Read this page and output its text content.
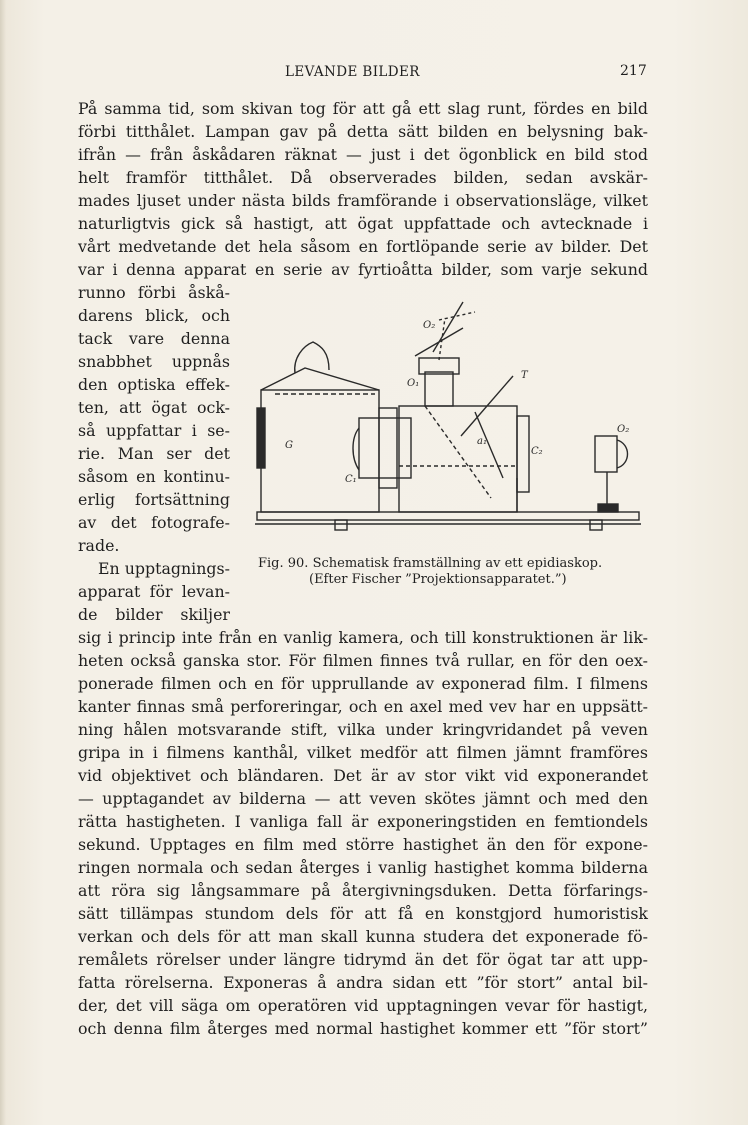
LEVANDE BILDER	217
På samma tid, som skivan tog för att gå ett slag runt, fördes en bild
förbi titthålet. Lampan gav på detta sätt bilden en belysning bak-
ifrån — från åskådaren räknat — just i det ögonblick en bild stod
helt framför titthålet. Då observerades bilden, sedan avskär-
mades ljuset under nästa bilds framförande i observationsläge, vilket
naturligtvis gick så hastigt, att ögat uppfattade och avtecknade i
vårt medvetande det hela såsom en fortlöpande serie av bilder. Det
var i denna apparat en serie av fyrtioåtta bilder, som varje sekund
runno förbi åskå-
darens blick, och
tack vare denna
snabbhet uppnås
den optiska effek-
ten, att ögat ock-
så uppfattar i se-
rie. Man ser det
såsom en kontinu-
erlig fortsättning
av det fotografe-
rade.
En upptagnings-
apparat för levan-
de bilder skiljer
G
C₁
C₂
O₁
O₂
O₂
a₁
T
Fig. 90. Schematisk framställning av ett epidiaskop.
(Efter Fischer ”Projektionsapparatet.”)
sig i princip inte från en vanlig kamera, och till konstruktionen är lik-
heten också ganska stor. För filmen finnes två rullar, en för den oex-
ponerade filmen och en för upprullande av exponerad film. I filmens
kanter finnas små perforeringar, och en axel med vev har en uppsätt-
ning hålen motsvarande stift, vilka under kringvridandet på veven
gripa in i filmens kanthål, vilket medför att filmen jämnt framföres
vid objektivet och bländaren. Det är av stor vikt vid exponerandet
— upptagandet av bilderna — att veven skötes jämnt och med den
rätta hastigheten. I vanliga fall är exponeringstiden en femtiondels
sekund. Upptages en film med större hastighet än den för expone-
ringen normala och sedan återges i vanlig hastighet komma bilderna
att röra sig långsammare på återgivningsduken. Detta förfarings-
sätt tillämpas stundom dels för att få en konstgjord humoristisk
verkan och dels för att man skall kunna studera det exponerade fö-
remålets rörelser under längre tidrymd än det för ögat tar att upp-
fatta rörelserna. Exponeras å andra sidan ett ”för stort” antal bil-
der, det vill säga om operatören vid upptagningen vevar för hastigt,
och denna film återges med normal hastighet kommer ett ”för stort”
